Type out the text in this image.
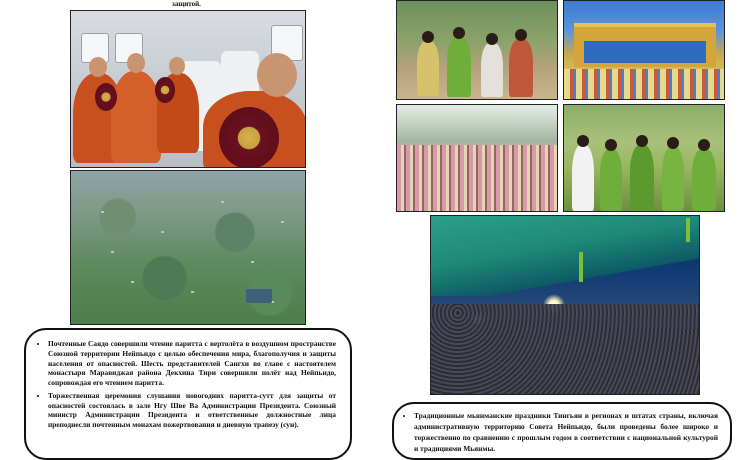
защитой.
• Почтенные Саядо совершили чтение паритта с вертолёта в воздушном пространстве Союзной территории Нейпьидо с целью обеспечения мира, благополучия и защиты населения от опасностей. Шесть представителей Сангхи во главе с настоятелем монастыря Маравиджая района Декхина Тири совершили полёт над Нейпьидо, сопровождая его чтением паритта.
• Торжественная церемония слушания новогодних паритта-сутт для защиты от опасностей состоялась в зале Нгу Шве Ва Администрации Президента. Союзный министр Администрации Президента и ответственные должностные лица преподнесли почтенным монахам пожертвования и дневную трапезу (сун).
• Традиционные мьянманские праздники Тингьян в регионах и штатах страны, включая административную территорию Совета Нейпьидо, были проведены более широко и торжественно по сравнению с прошлым годом в соответствии с национальной культурой и традициями Мьянмы.
